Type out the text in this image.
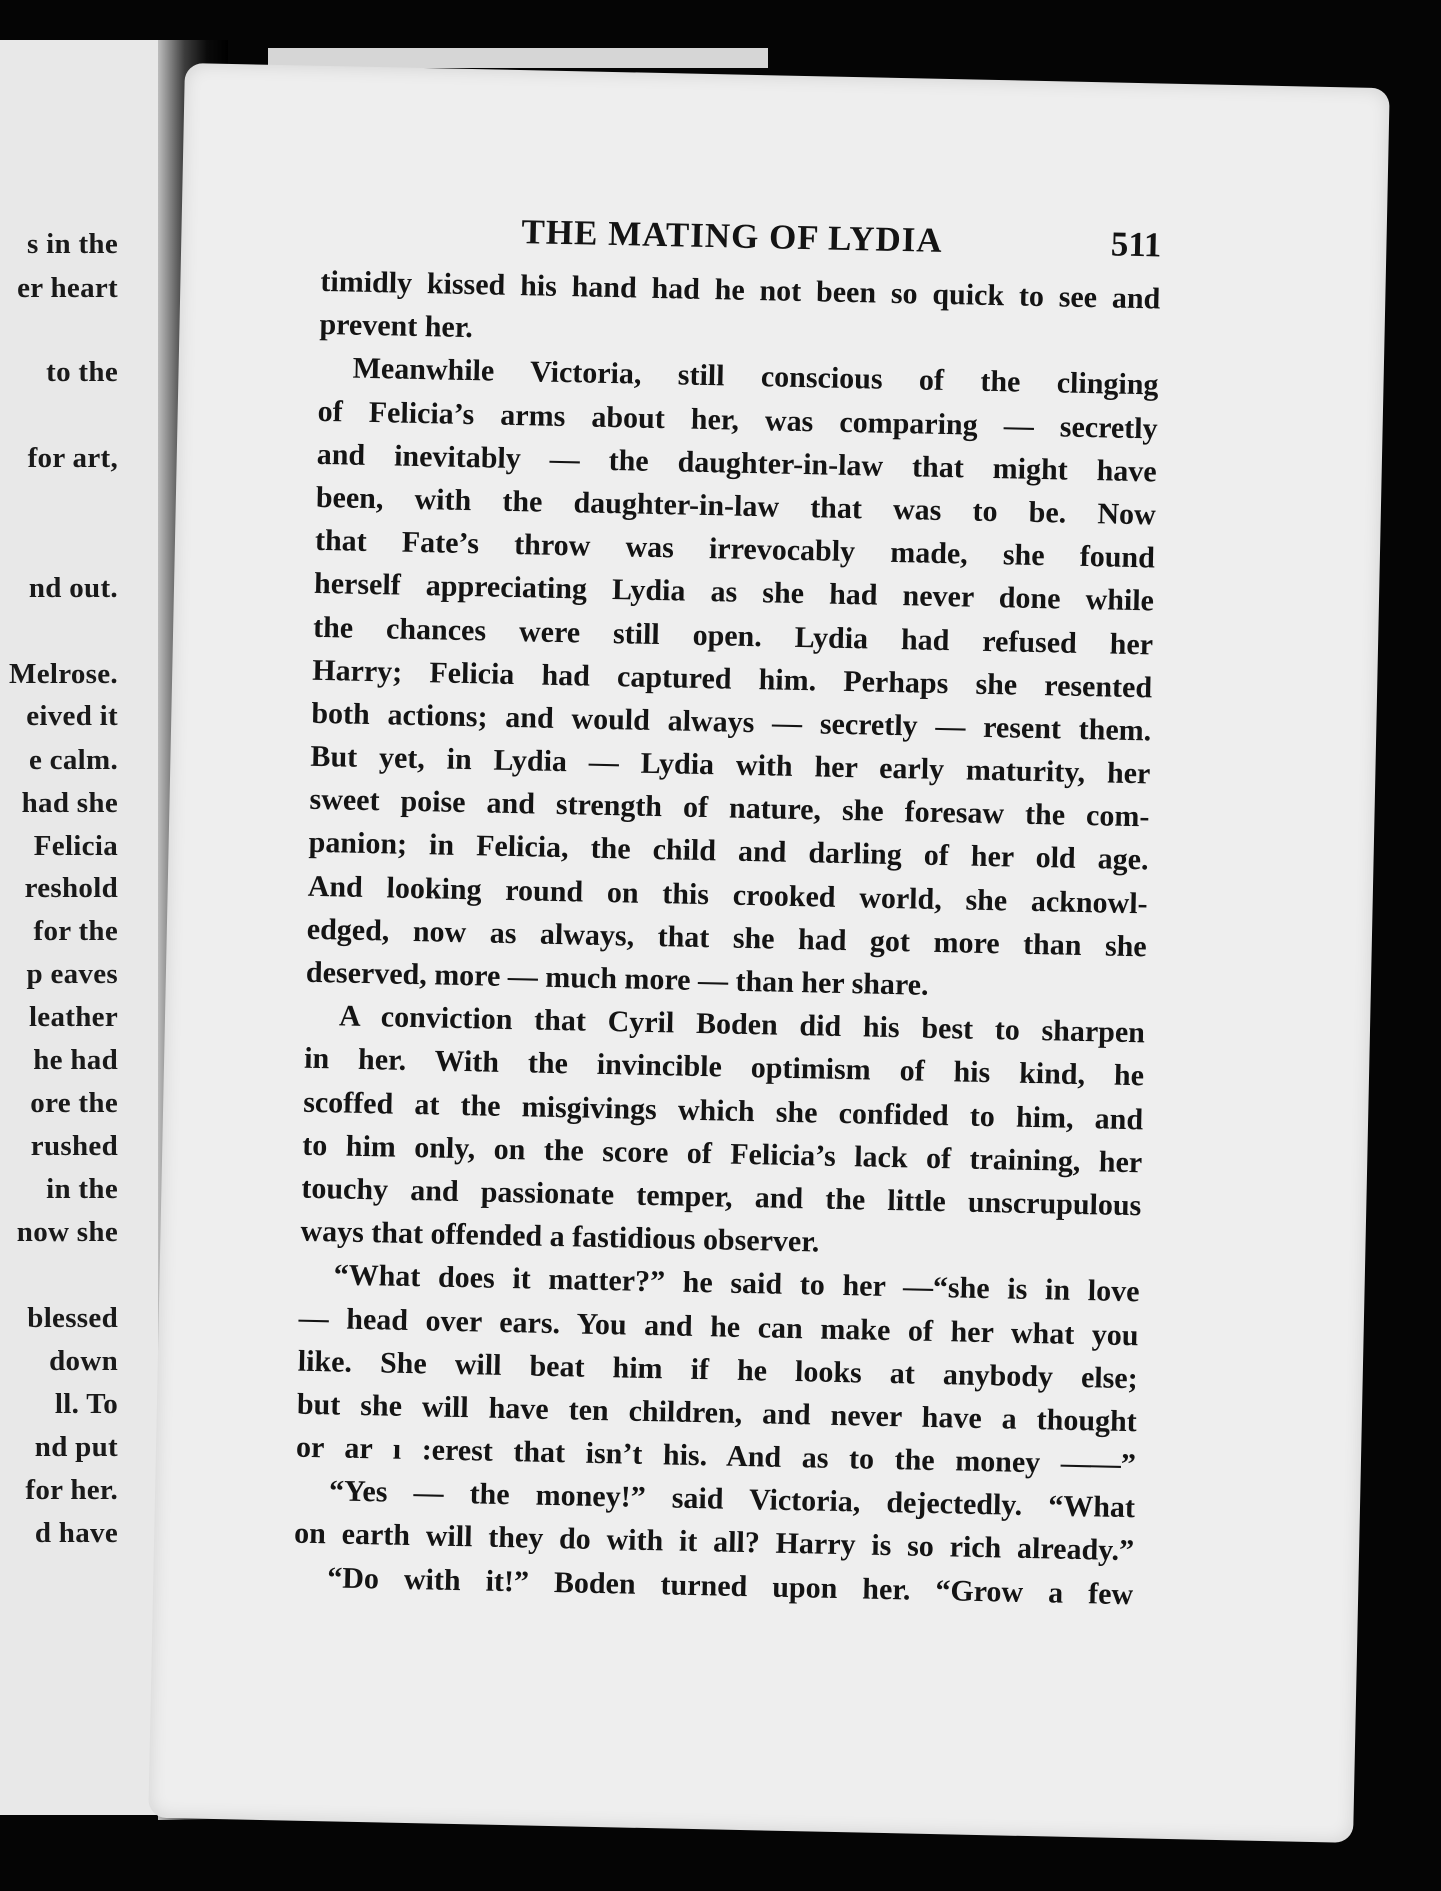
s in the
er heart
to the
for art,
nd out.
Melrose.
eived it
e calm.
had she
Felicia
reshold
for the
p eaves
leather
he had
ore the
rushed
in the
now she
blessed
down
ll. To
nd put
for her.
d have
THE MATING OF LYDIA	511
timidly kissed his hand had he not been so quick to see and
prevent her.
Meanwhile Victoria, still conscious of the clinging
of Felicia’s arms about her, was comparing — secretly
and inevitably — the daughter-in-law that might have
been, with the daughter-in-law that was to be. Now
that Fate’s throw was irrevocably made, she found
herself appreciating Lydia as she had never done while
the chances were still open. Lydia had refused her
Harry; Felicia had captured him. Perhaps she resented
both actions; and would always — secretly — resent them.
But yet, in Lydia — Lydia with her early maturity, her
sweet poise and strength of nature, she foresaw the com-
panion; in Felicia, the child and darling of her old age.
And looking round on this crooked world, she acknowl-
edged, now as always, that she had got more than she
deserved, more — much more — than her share.
A conviction that Cyril Boden did his best to sharpen
in her. With the invincible optimism of his kind, he
scoffed at the misgivings which she confided to him, and
to him only, on the score of Felicia’s lack of training, her
touchy and passionate temper, and the little unscrupulous
ways that offended a fastidious observer.
“What does it matter?” he said to her —“she is in love
— head over ears. You and he can make of her what you
like. She will beat him if he looks at anybody else;
but she will have ten children, and never have a thought
or ar ı :erest that isn’t his. And as to the money ——”
“Yes — the money!” said Victoria, dejectedly. “What
on earth will they do with it all? Harry is so rich already.”
“Do with it!” Boden turned upon her. “Grow a few
